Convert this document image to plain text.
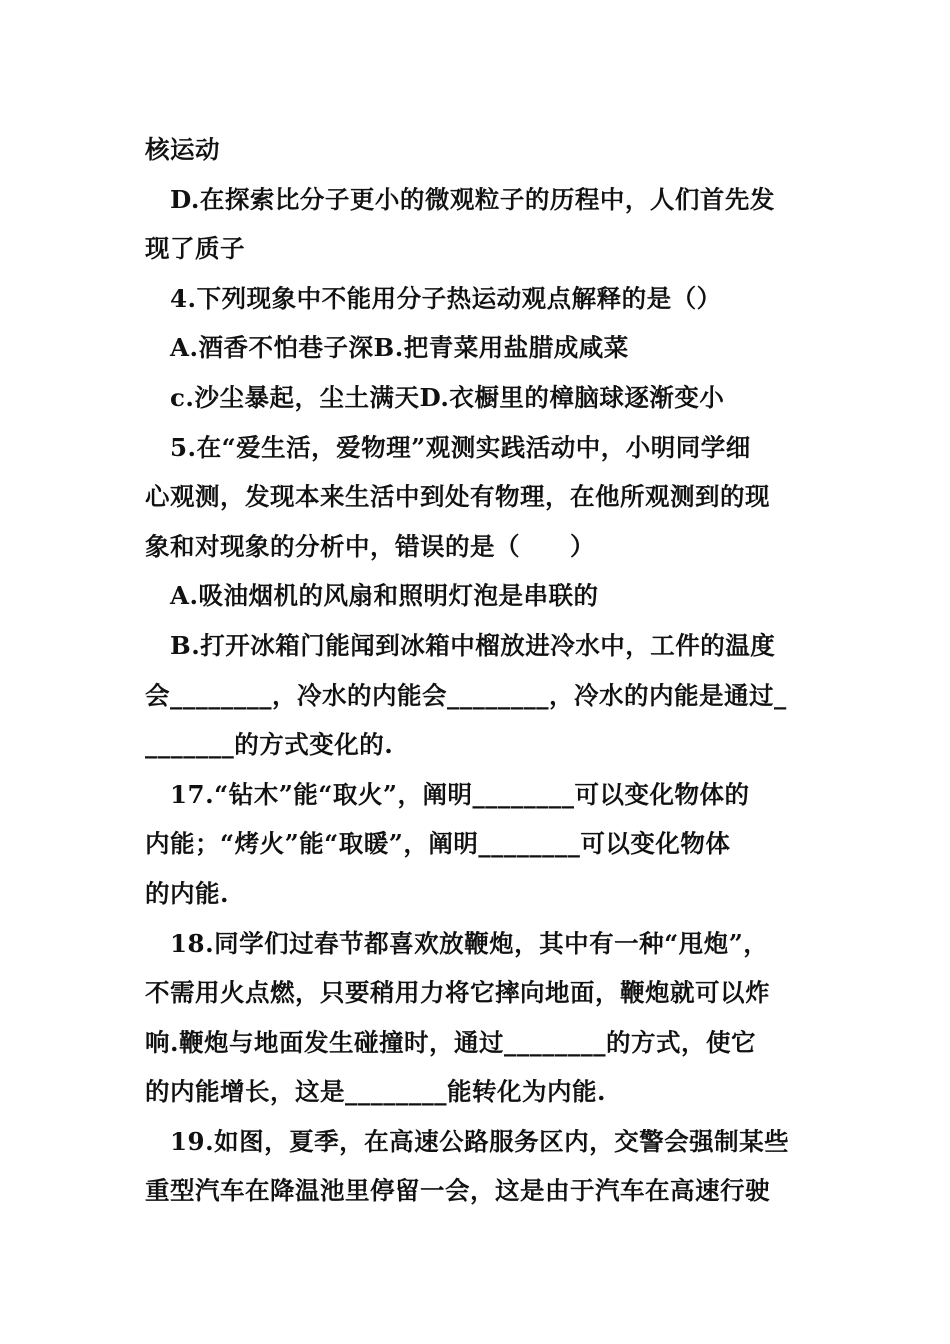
核运动
D.在探索比分子更小的微观粒子的历程中，人们首先发
现了质子
4.下列现象中不能用分子热运动观点解释的是（）
A.酒香不怕巷子深B.把青菜用盐腊成咸菜
c.沙尘暴起，尘土满天D.衣橱里的樟脑球逐渐变小
5.在“爱生活，爱物理”观测实践活动中，小明同学细
心观测，发现本来生活中到处有物理，在他所观测到的现
象和对现象的分析中，错误的是（　　）
A.吸油烟机的风扇和照明灯泡是串联的
B.打开冰箱门能闻到冰箱中榴放进冷水中，工件的温度
会________，冷水的内能会________，冷水的内能是通过_
_______的方式变化的.
17.“钻木”能“取火”，阐明________可以变化物体的
内能；“烤火”能“取暖”，阐明________可以变化物体
的内能.
18.同学们过春节都喜欢放鞭炮，其中有一种“甩炮”，
不需用火点燃，只要稍用力将它摔向地面，鞭炮就可以炸
响.鞭炮与地面发生碰撞时，通过________的方式，使它
的内能增长，这是________能转化为内能.
19.如图，夏季，在高速公路服务区内，交警会强制某些
重型汽车在降温池里停留一会，这是由于汽车在高速行驶
